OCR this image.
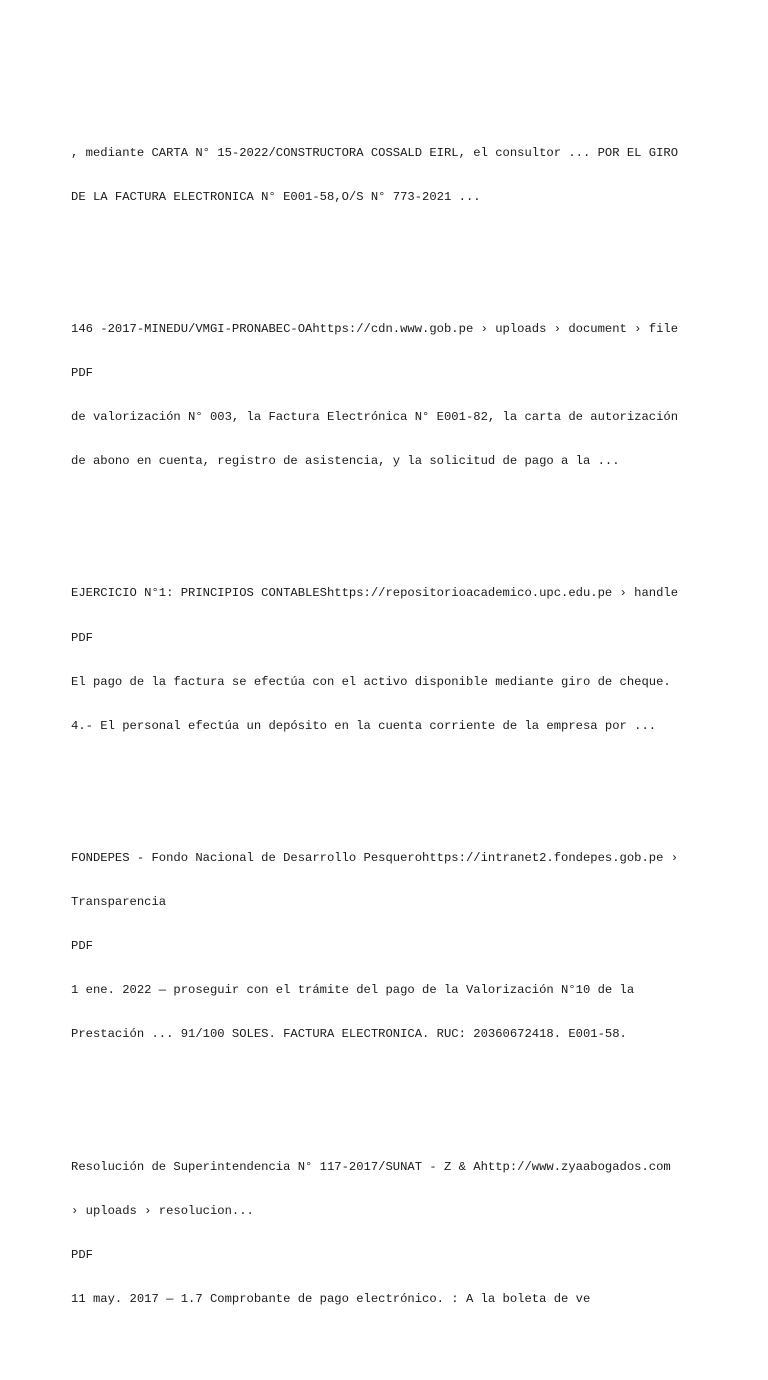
, mediante CARTA N° 15-2022/CONSTRUCTORA COSSALD EIRL, el consultor ... POR EL GIRO

DE LA FACTURA ELECTRONICA N° E001-58,O/S N° 773-2021 ...

146 -2017-MINEDU/VMGI-PRONABEC-OAhttps://cdn.www.gob.pe › uploads › document › file

PDF

de valorización N° 003, la Factura Electrónica N° E001-82, la carta de autorización

de abono en cuenta, registro de asistencia, y la solicitud de pago a la ...

EJERCICIO N°1: PRINCIPIOS CONTABLEShttps://repositorioacademico.upc.edu.pe › handle

PDF

El pago de la factura se efectúa con el activo disponible mediante giro de cheque.

4.- El personal efectúa un depósito en la cuenta corriente de la empresa por ...

FONDEPES - Fondo Nacional de Desarrollo Pesquerohttps://intranet2.fondepes.gob.pe ›

Transparencia

PDF

1 ene. 2022 — proseguir con el trámite del pago de la Valorización N°10 de la

Prestación ... 91/100 SOLES. FACTURA ELECTRONICA. RUC: 20360672418. E001-58.

Resolución de Superintendencia N° 117-2017/SUNAT - Z & Ahttp://www.zyaabogados.com

› uploads › resolucion...

PDF

11 may. 2017 — 1.7 Comprobante de pago electrónico. : A la boleta de ve
